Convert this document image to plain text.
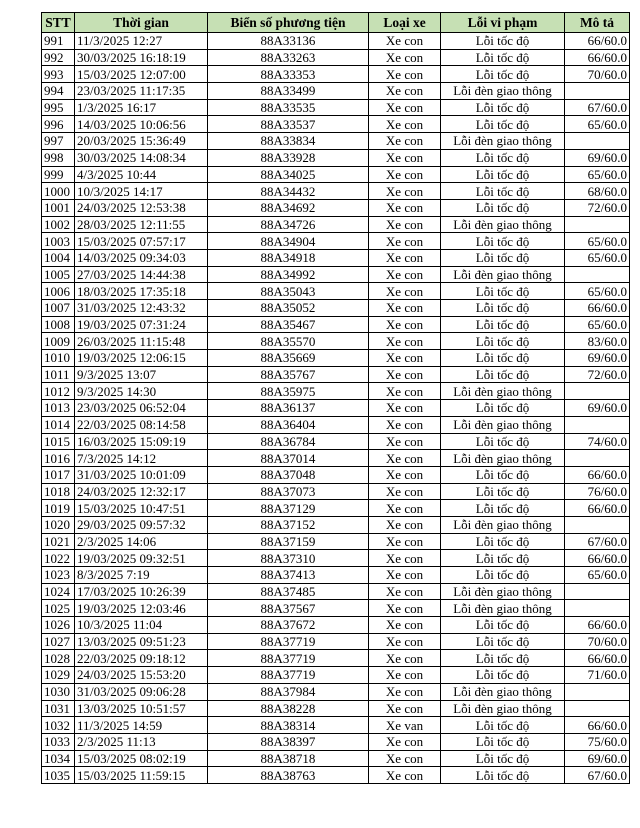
STT	Thời gian	Biển số phương tiện	Loại xe	Lỗi vi phạm	Mô tả
991	11/3/2025 12:27	88A33136	Xe con	Lỗi tốc độ	66/60.0
992	30/03/2025 16:18:19	88A33263	Xe con	Lỗi tốc độ	66/60.0
993	15/03/2025 12:07:00	88A33353	Xe con	Lỗi tốc độ	70/60.0
994	23/03/2025 11:17:35	88A33499	Xe con	Lỗi đèn giao thông	
995	1/3/2025 16:17	88A33535	Xe con	Lỗi tốc độ	67/60.0
996	14/03/2025 10:06:56	88A33537	Xe con	Lỗi tốc độ	65/60.0
997	20/03/2025 15:36:49	88A33834	Xe con	Lỗi đèn giao thông	
998	30/03/2025 14:08:34	88A33928	Xe con	Lỗi tốc độ	69/60.0
999	4/3/2025 10:44	88A34025	Xe con	Lỗi tốc độ	65/60.0
1000	10/3/2025 14:17	88A34432	Xe con	Lỗi tốc độ	68/60.0
1001	24/03/2025 12:53:38	88A34692	Xe con	Lỗi tốc độ	72/60.0
1002	28/03/2025 12:11:55	88A34726	Xe con	Lỗi đèn giao thông	
1003	15/03/2025 07:57:17	88A34904	Xe con	Lỗi tốc độ	65/60.0
1004	14/03/2025 09:34:03	88A34918	Xe con	Lỗi tốc độ	65/60.0
1005	27/03/2025 14:44:38	88A34992	Xe con	Lỗi đèn giao thông	
1006	18/03/2025 17:35:18	88A35043	Xe con	Lỗi tốc độ	65/60.0
1007	31/03/2025 12:43:32	88A35052	Xe con	Lỗi tốc độ	66/60.0
1008	19/03/2025 07:31:24	88A35467	Xe con	Lỗi tốc độ	65/60.0
1009	26/03/2025 11:15:48	88A35570	Xe con	Lỗi tốc độ	83/60.0
1010	19/03/2025 12:06:15	88A35669	Xe con	Lỗi tốc độ	69/60.0
1011	9/3/2025 13:07	88A35767	Xe con	Lỗi tốc độ	72/60.0
1012	9/3/2025 14:30	88A35975	Xe con	Lỗi đèn giao thông	
1013	23/03/2025 06:52:04	88A36137	Xe con	Lỗi tốc độ	69/60.0
1014	22/03/2025 08:14:58	88A36404	Xe con	Lỗi đèn giao thông	
1015	16/03/2025 15:09:19	88A36784	Xe con	Lỗi tốc độ	74/60.0
1016	7/3/2025 14:12	88A37014	Xe con	Lỗi đèn giao thông	
1017	31/03/2025 10:01:09	88A37048	Xe con	Lỗi tốc độ	66/60.0
1018	24/03/2025 12:32:17	88A37073	Xe con	Lỗi tốc độ	76/60.0
1019	15/03/2025 10:47:51	88A37129	Xe con	Lỗi tốc độ	66/60.0
1020	29/03/2025 09:57:32	88A37152	Xe con	Lỗi đèn giao thông	
1021	2/3/2025 14:06	88A37159	Xe con	Lỗi tốc độ	67/60.0
1022	19/03/2025 09:32:51	88A37310	Xe con	Lỗi tốc độ	66/60.0
1023	8/3/2025 7:19	88A37413	Xe con	Lỗi tốc độ	65/60.0
1024	17/03/2025 10:26:39	88A37485	Xe con	Lỗi đèn giao thông	
1025	19/03/2025 12:03:46	88A37567	Xe con	Lỗi đèn giao thông	
1026	10/3/2025 11:04	88A37672	Xe con	Lỗi tốc độ	66/60.0
1027	13/03/2025 09:51:23	88A37719	Xe con	Lỗi tốc độ	70/60.0
1028	22/03/2025 09:18:12	88A37719	Xe con	Lỗi tốc độ	66/60.0
1029	24/03/2025 15:53:20	88A37719	Xe con	Lỗi tốc độ	71/60.0
1030	31/03/2025 09:06:28	88A37984	Xe con	Lỗi đèn giao thông	
1031	13/03/2025 10:51:57	88A38228	Xe con	Lỗi đèn giao thông	
1032	11/3/2025 14:59	88A38314	Xe van	Lỗi tốc độ	66/60.0
1033	2/3/2025 11:13	88A38397	Xe con	Lỗi tốc độ	75/60.0
1034	15/03/2025 08:02:19	88A38718	Xe con	Lỗi tốc độ	69/60.0
1035	15/03/2025 11:59:15	88A38763	Xe con	Lỗi tốc độ	67/60.0
